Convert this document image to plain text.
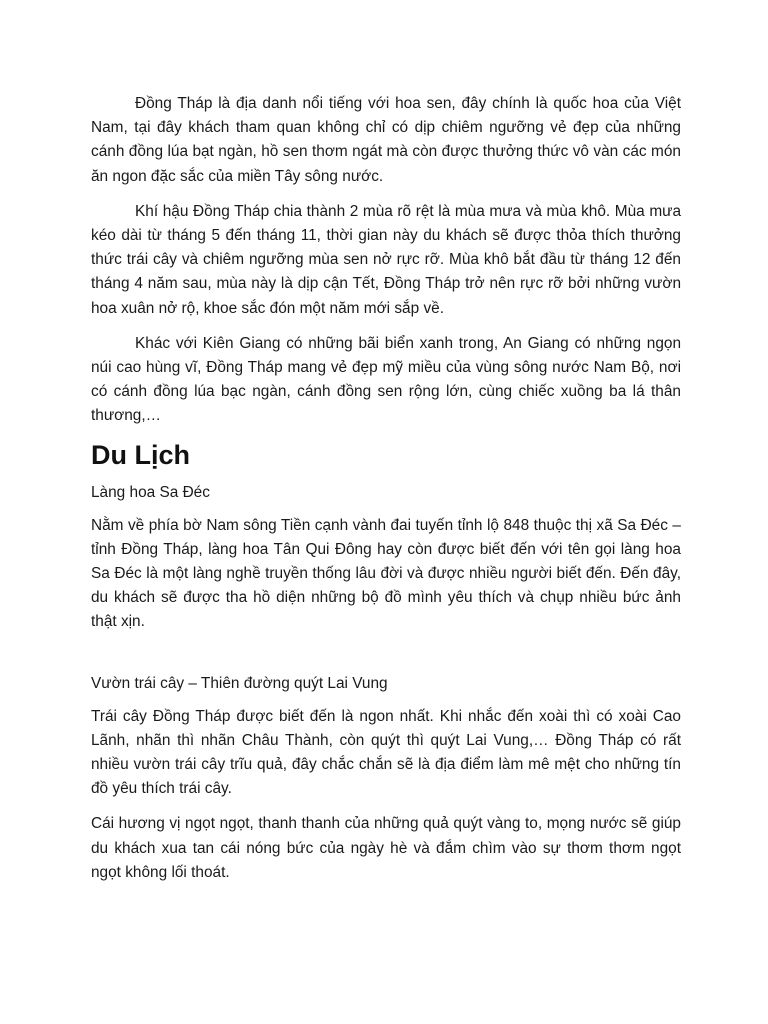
Đồng Tháp là địa danh nổi tiếng với hoa sen, đây chính là quốc hoa của Việt Nam, tại đây khách tham quan không chỉ có dịp chiêm ngưỡng vẻ đẹp của những cánh đồng lúa bạt ngàn, hồ sen thơm ngát mà còn được thưởng thức vô vàn các món ăn ngon đặc sắc của miền Tây sông nước.

Khí hậu Đồng Tháp chia thành 2 mùa rõ rệt là mùa mưa và mùa khô. Mùa mưa kéo dài từ tháng 5 đến tháng 11, thời gian này du khách sẽ được thỏa thích thưởng thức trái cây và chiêm ngưỡng mùa sen nở rực rỡ. Mùa khô bắt đầu từ tháng 12 đến tháng 4 năm sau, mùa này là dịp cận Tết, Đồng Tháp trở nên rực rỡ bởi những vườn hoa xuân nở rộ, khoe sắc đón một năm mới sắp về.

Khác với Kiên Giang có những bãi biển xanh trong, An Giang có những ngọn núi cao hùng vĩ, Đồng Tháp mang vẻ đẹp mỹ miều của vùng sông nước Nam Bộ, nơi có cánh đồng lúa bạc ngàn, cánh đồng sen rộng lớn, cùng chiếc xuồng ba lá thân thương,…

Du Lịch
Làng hoa Sa Đéc

Nằm về phía bờ Nam sông Tiền cạnh vành đai tuyến tỉnh lộ 848 thuộc thị xã Sa Đéc – tỉnh Đồng Tháp, làng hoa Tân Qui Đông hay còn được biết đến với tên gọi làng hoa Sa Đéc là một làng nghề truyền thống lâu đời và được nhiều người biết đến. Đến đây, du khách sẽ được tha hồ diện những bộ đồ mình yêu thích và chụp nhiều bức ảnh thật xịn.

Vườn trái cây – Thiên đường quýt Lai Vung

Trái cây Đồng Tháp được biết đến là ngon nhất. Khi nhắc đến xoài thì có xoài Cao Lãnh, nhãn thì nhãn Châu Thành, còn quýt thì quýt Lai Vung,… Đồng Tháp có rất nhiều vườn trái cây trĩu quả, đây chắc chắn sẽ là địa điểm làm mê mệt cho những tín đồ yêu thích trái cây.

Cái hương vị ngọt ngọt, thanh thanh của những quả quýt vàng to, mọng nước sẽ giúp du khách xua tan cái nóng bức của ngày hè và đắm chìm vào sự thơm thơm ngọt ngọt không lối thoát.
